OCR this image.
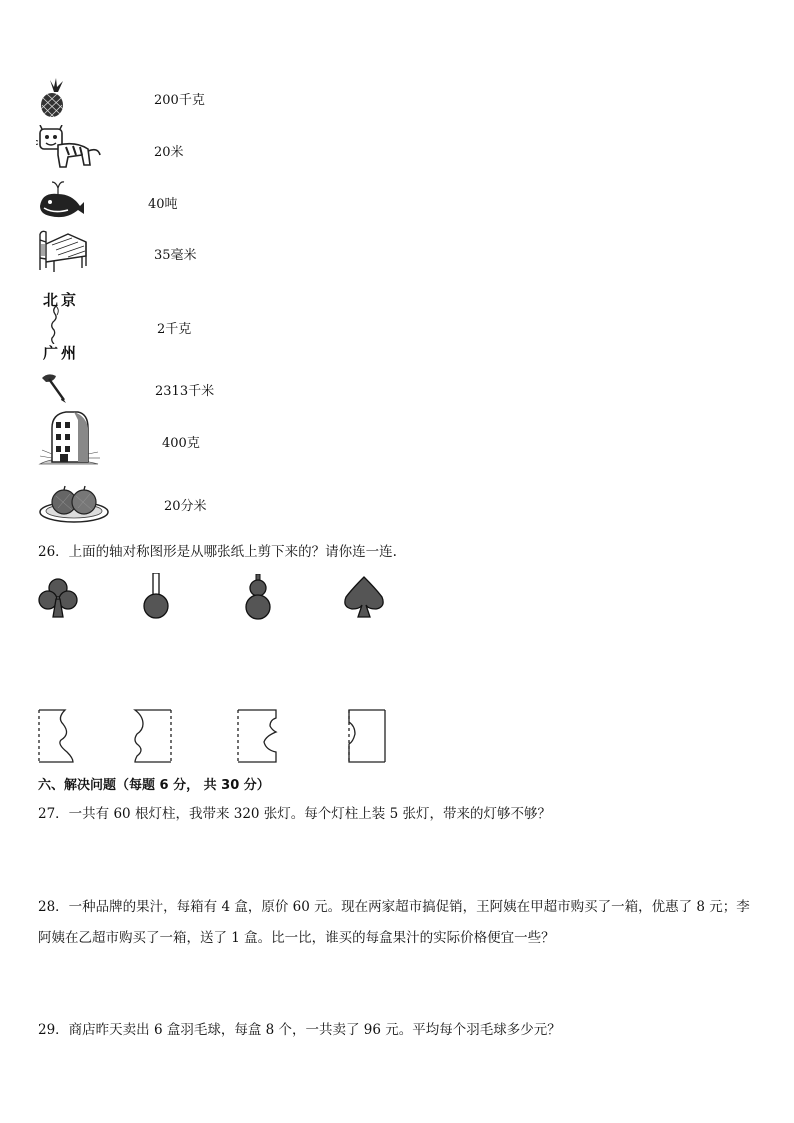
200千克
20米
40吨
35毫米
北京
广州
2千克
2313千米
400克
20分米
26．上面的轴对称图形是从哪张纸上剪下来的？请你连一连.
六、解决问题（每题 6 分， 共 30 分）
27．一共有 60 根灯柱，我带来 320 张灯。每个灯柱上装 5 张灯，带来的灯够不够？
28．一种品牌的果汁，每箱有 4 盒，原价 60 元。现在两家超市搞促销，王阿姨在甲超市购买了一箱，优惠了 8 元；李
阿姨在乙超市购买了一箱，送了 1 盒。比一比，谁买的每盒果汁的实际价格便宜一些？
29．商店昨天卖出 6 盒羽毛球，每盒 8 个，一共卖了 96 元。平均每个羽毛球多少元？
